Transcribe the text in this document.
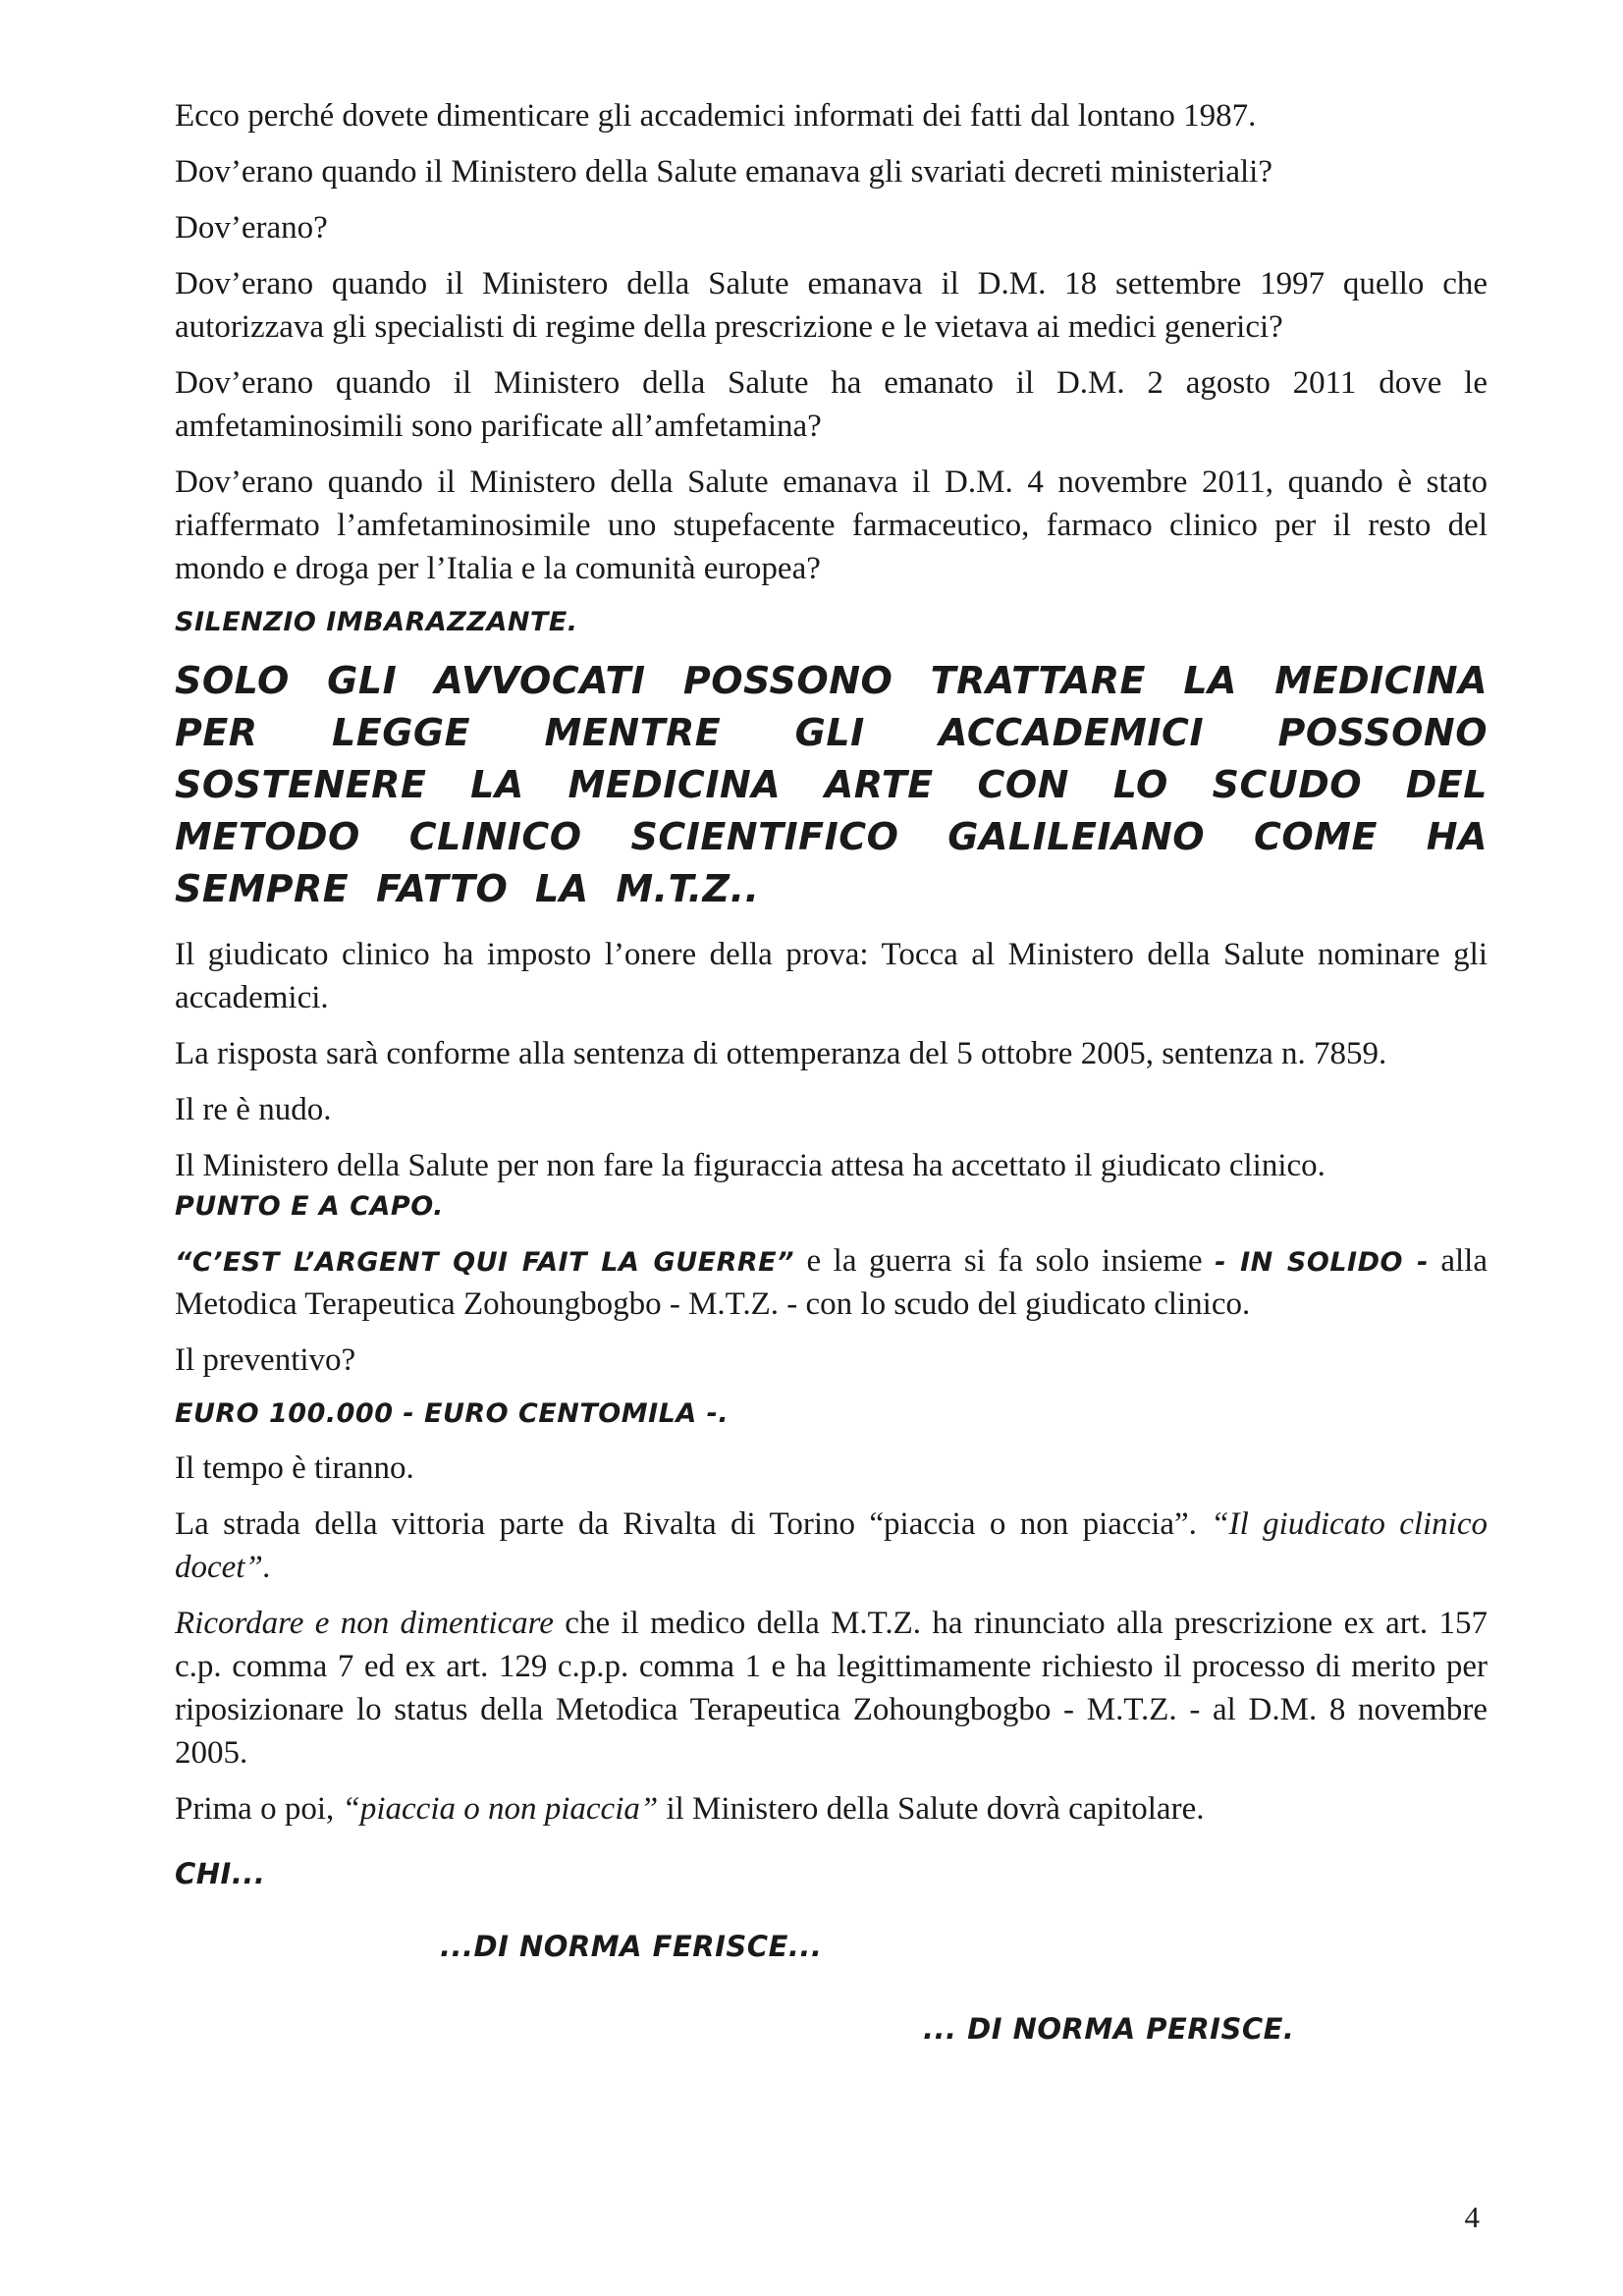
Ecco perché dovete dimenticare gli accademici informati dei fatti dal lontano 1987.

Dov’erano quando il Ministero della Salute emanava gli svariati decreti ministeriali?

Dov’erano?

Dov’erano quando il Ministero della Salute emanava il D.M. 18 settembre 1997 quello che autorizzava gli specialisti di regime della prescrizione e le vietava ai medici generici?

Dov’erano quando il Ministero della Salute ha emanato il D.M. 2 agosto 2011 dove le amfetaminosimili sono parificate all’amfetamina?

Dov’erano quando il Ministero della Salute emanava il D.M. 4 novembre 2011, quando è stato riaffermato l’amfetaminosimile uno stupefacente farmaceutico, farmaco clinico per il resto del mondo e droga per l’Italia e la comunità europea?

SILENZIO IMBARAZZANTE.

SOLO GLI AVVOCATI POSSONO TRATTARE LA MEDICINA PER LEGGE MENTRE GLI ACCADEMICI POSSONO SOSTENERE LA MEDICINA ARTE CON LO SCUDO DEL METODO CLINICO SCIENTIFICO GALILEIANO COME HA SEMPRE FATTO LA M.T.Z..

Il giudicato clinico ha imposto l’onere della prova: Tocca al Ministero della Salute nominare gli accademici.

La risposta sarà conforme alla sentenza di ottemperanza del 5 ottobre 2005, sentenza n. 7859.

Il re è nudo.

Il Ministero della Salute per non fare la figuraccia attesa ha accettato il giudicato clinico.

PUNTO E A CAPO.

“C’EST L’ARGENT QUI FAIT LA GUERRE” e la guerra si fa solo insieme - IN SOLIDO - alla Metodica Terapeutica Zohoungbogbo - M.T.Z. - con lo scudo del giudicato clinico.

Il preventivo?

EURO 100.000 - EURO CENTOMILA -.

Il tempo è tiranno.

La strada della vittoria parte da Rivalta di Torino “piaccia o non piaccia”. “Il giudicato clinico docet”.

Ricordare e non dimenticare che il medico della M.T.Z. ha rinunciato alla prescrizione ex art. 157 c.p. comma 7 ed ex art. 129 c.p.p. comma 1 e ha legittimamente richiesto il processo di merito per riposizionare lo status della Metodica Terapeutica Zohoungbogbo - M.T.Z. - al D.M. 8 novembre 2005.

Prima o poi, “piaccia o non piaccia” il Ministero della Salute dovrà capitolare.

CHI...

...DI NORMA FERISCE...

... DI NORMA PERISCE.

4
